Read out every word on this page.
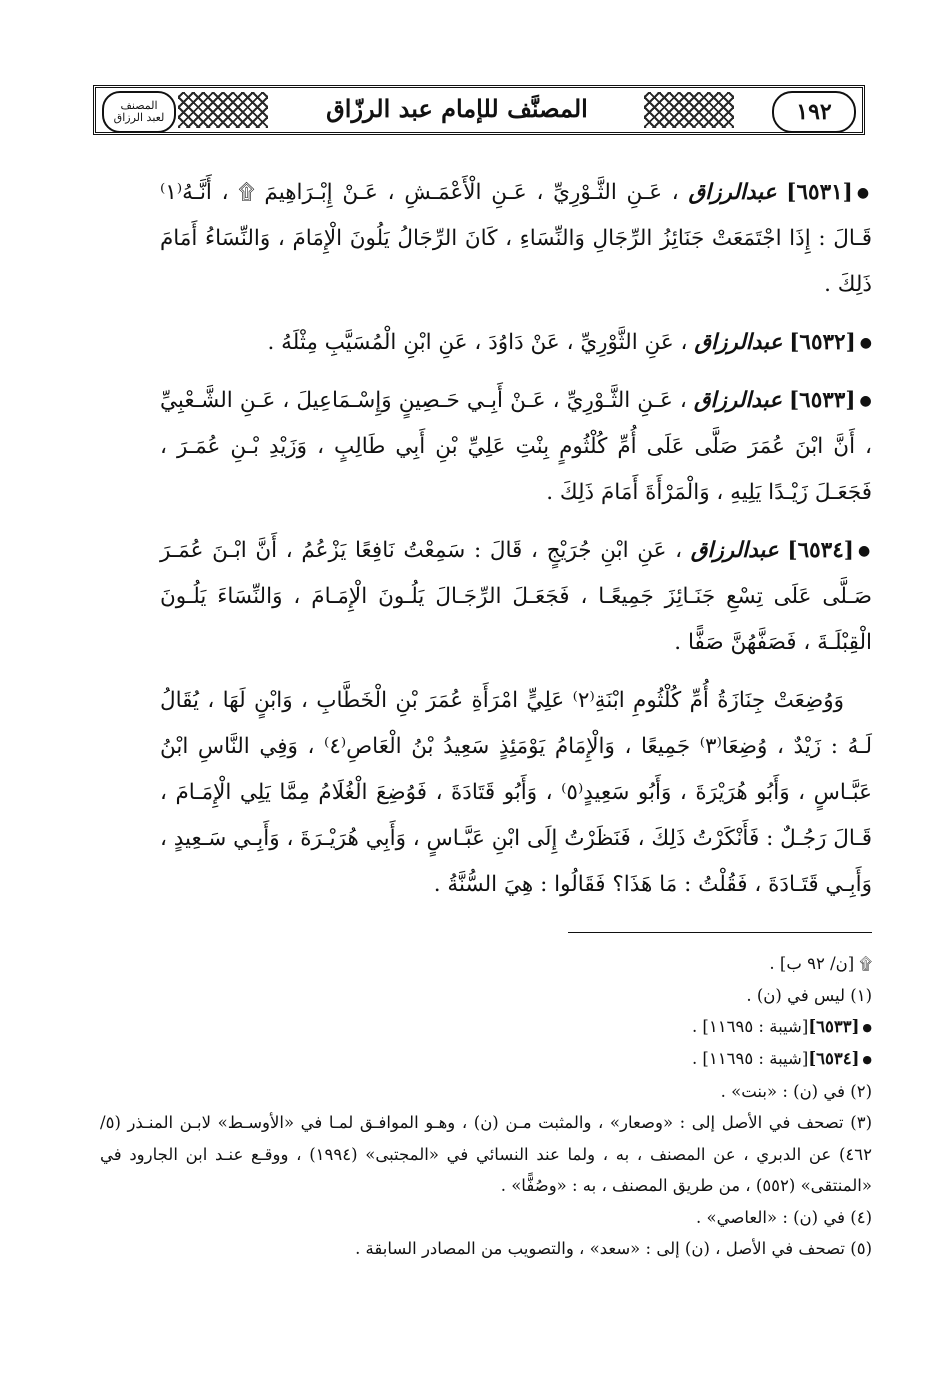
المصنف
لعبد الرزاق	المصنَّف للإمام عبد الرزّاق	١٩٢

●[٦٥٣١] عبدالرزاق ، عَـنِ الثَّـوْرِيِّ ، عَـنِ الْأَعْمَـشِ ، عَـنْ إِبْـرَاهِيمَ ۩ ، أَنَّـهُ⁽١⁾ قَـالَ : إِذَا اجْتَمَعَتْ جَنَائِزُ الرِّجَالِ وَالنِّسَاءِ ، كَانَ الرِّجَالُ يَلُونَ الْإِمَامَ ، وَالنِّسَاءُ أَمَامَ ذَلِكَ .

●[٦٥٣٢] عبدالرزاق ، عَنِ الثَّوْرِيِّ ، عَنْ دَاوُدَ ، عَنِ ابْنِ الْمُسَيَّبِ مِثْلَهُ .

●[٦٥٣٣] عبدالرزاق ، عَـنِ الثَّـوْرِيِّ ، عَـنْ أَبِـي حَـصِينٍ وَإِسْـمَاعِيلَ ، عَـنِ الشَّـعْبِيِّ ، أَنَّ ابْنَ عُمَرَ صَلَّى عَلَى أُمِّ كُلْثُومٍ بِنْتِ عَلِيِّ بْنِ أَبِي طَالِبٍ ، وَزَيْدِ بْـنِ عُمَـرَ ، فَجَعَـلَ زَيْـدًا يَلِيهِ ، وَالْمَرْأَةَ أَمَامَ ذَلِكَ .

●[٦٥٣٤] عبدالرزاق ، عَنِ ابْنِ جُرَيْجٍ ، قَالَ : سَمِعْتُ نَافِعًا يَزْعُمُ ، أَنَّ ابْـنَ عُمَـرَ صَـلَّى عَلَى تِسْعِ جَنَـائِزَ جَمِيعًـا ، فَجَعَـلَ الرِّجَـالَ يَلُـونَ الْإِمَـامَ ، وَالنِّسَاءَ يَلُـونَ الْقِبْلَـةَ ، فَصَفَّهُنَّ صَفًّا .

وَوُضِعَتْ جِنَازَةُ أُمِّ كُلْثُومِ ابْنَةِ⁽٢⁾ عَلِيٍّ امْرَأَةِ عُمَرَ بْنِ الْخَطَّابِ ، وَابْنٍ لَهَا ، يُقَالُ لَـهُ : زَيْدٌ ، وُضِعَا⁽٣⁾ جَمِيعًا ، وَالْإِمَامُ يَوْمَئِذٍ سَعِيدُ بْنُ الْعَاصِ⁽٤⁾ ، وَفِي النَّاسِ ابْنُ عَبَّـاسٍ ، وَأَبُو هُرَيْرَةَ ، وَأَبُو سَعِيدٍ⁽٥⁾ ، وَأَبُو قَتَادَةَ ، فَوُضِعَ الْغُلَامُ مِمَّا يَلِي الْإِمَـامَ ، قَـالَ رَجُـلٌ : فَأَنْكَرْتُ ذَلِكَ ، فَنَظَرْتُ إِلَى ابْنِ عَبَّـاسٍ ، وَأَبِي هُرَيْـرَةَ ، وَأَبِـي سَـعِيدٍ ، وَأَبِـي قَتَـادَةَ ، فَقُلْتُ : مَا هَذَا؟ فَقَالُوا : هِيَ السُّنَّةُ .

۩ [ن/ ٩٢ ب] .

(١) ليس في (ن) .

●[٦٥٣٣][شيبة : ١١٦٩٥] .

●[٦٥٣٤][شيبة : ١١٦٩٥] .

(٢) في (ن) : «بنت» .

(٣) تصحف في الأصل إلى : «وصعار» ، والمثبت مـن (ن) ، وهـو الموافـق لمـا في «الأوسـط» لابـن المنـذر (٥/ ٤٦٢) عن الدبري ، عن المصنف ، به ، ولما عند النسائي في «المجتبى» (١٩٩٤) ، ووقـع عنـد ابن الجارود في «المنتقى» (٥٥٢) ، من طريق المصنف ، به : «وصُفًّا» .

(٤) في (ن) : «العاصي» .

(٥) تصحف في الأصل ، (ن) إلى : «سعد» ، والتصويب من المصادر السابقة .
